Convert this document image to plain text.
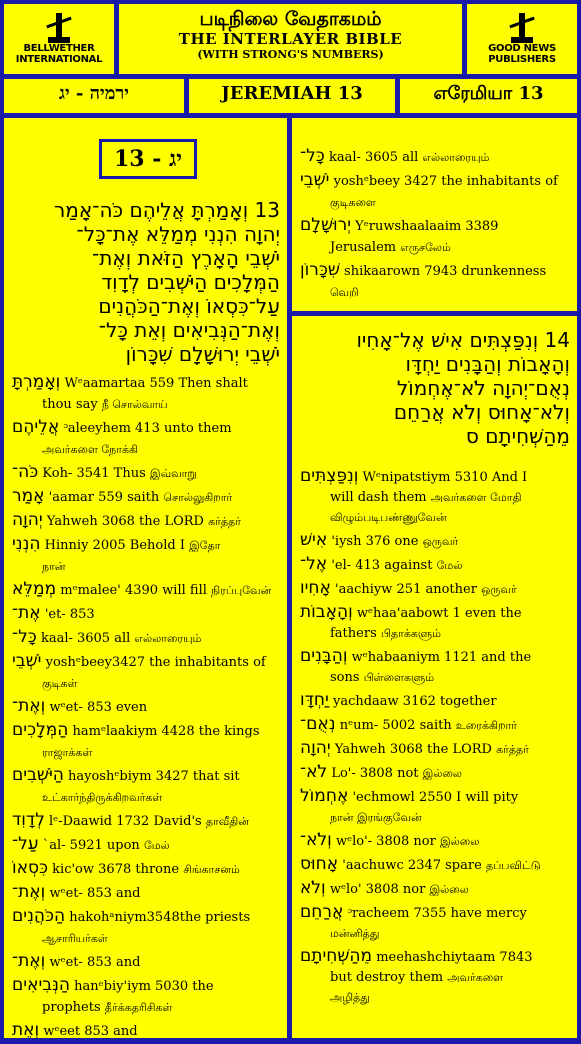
BELLWETHER INTERNATIONAL
படிநிலை வேதாகமம்
THE INTERLAYER BIBLE
(WITH STRONG'S NUMBERS)	GOOD NEWS PUBLISHERS
ירמיה - יג	JEREMIAH 13	எரேமியா 13
יג - 13
13 וְאָמַרְתָּ אֲלֵיהֶם כֹּה־אָמַר
יְהוָה הִנְנִי מְמַלֵּא אֶת־כָּל־
יֹשְׁבֵי הָאָרֶץ הַזֹּאת וְאֶת־
הַמְּלָכִים הַיֹּשְׁבִים לְדָוִד
עַל־כִּסְאוֹ וְאֶת־הַכֹּהֲנִים
וְאֶת־הַנְּבִיאִים וְאֵת כָּל־
יֹשְׁבֵי יְרוּשָׁלִָם שִׁכָּרוֹן
וְאָמַרְתָּ Wᵉaamartaa 559 Then shalt
thou say நீ சொல்வாய்
אֲלֵיהֶם ᵓaleeyhem 413 unto them
அவர்களை நோக்கி
כֹּה־ Koh- 3541 Thus இவ்வாறு
אָמַר 'aamar 559 saith சொல்லுகிறார்
יְהוָה Yahweh 3068 the LORD கர்த்தர்
הִנְנִי Hinniy 2005 Behold I இதோ
நான்
מְמַלֵּא mᵉmalee' 4390 will fill நிரப்புவேன்
אֶת־ 'et- 853
כָּל־ kaal- 3605 all எல்லாரையும்
יֹשְׁבֵי yoshᵉbeey3427 the inhabitants of
குடிகள்
וְאֶת־ wᵉet- 853 even
הַמְּלָכִים hamᵉlaakiym 4428 the kings
ராஜாக்கள்
הַיֹּשְׁבִים hayoshᵉbiym 3427 that sit
உட்கார்ந்திருக்கிறவர்கள்
לְדָוִד lᵉ-Daawid 1732 David's தாவீதின்
עַל־ `al- 5921 upon மேல்
כִּסְאוֹ kic'ow 3678 throne சிங்காசனம்
וְאֶת־ wᵉet- 853 and
הַכֹּהֲנִים hakohᵃniym3548the priests
ஆசாரியர்கள்
וְאֶת־ wᵉet- 853 and
הַנְּבִיאִים hanᵉbiy'iym 5030 the
prophets தீர்க்கதரிசிகள்
וְאֵת wᵉeet 853 and
כָּל־ kaal- 3605 all எல்லாரையும்
יֹשְׁבֵי yoshᵉbeey 3427 the inhabitants of
குடிகளை
יְרוּשָׁלִָם Yᵉruwshaalaaim 3389
Jerusalem எருசலேம்
שִׁכָּרוֹן shikaarown 7943 drunkenness
வெறி
14 וְנִפַּצְתִּים אִישׁ אֶל־אָחִיו
וְהָאָבוֹת וְהַבָּנִים יַחְדָּו
נְאֻם־יְהוָה לֹא־אֶחְמוֹל
וְלֹא־אָחוּס וְלֹא אֲרַחֵם
מֵהַשְׁחִיתָם ס
וְנִפַּצְתִּים Wᵉnipatstiym 5310 And I
will dash them அவர்களை மோதி
விழும்படிபண்ணுவேன்
אִישׁ 'iysh 376 one ஒருவர்
אֶל־ 'el- 413 against மேல்
אָחִיו 'aachiyw 251 another ஒருவர்
וְהָאָבוֹת wᵉhaa'aabowt 1 even the
fathers பிதாக்களும்
וְהַבָּנִים wᵉhabaaniym 1121 and the
sons பிள்ளைகளும்
יַחְדָּו yachdaaw 3162 together
נְאֻם־ nᵉum- 5002 saith உரைக்கிறார்
יְהוָה Yahweh 3068 the LORD கர்த்தர்
לֹא־ Lo'- 3808 not இல்லை
אֶחְמוֹל 'echmowl 2550 I will pity
நான் இரங்குவேன்
וְלֹא־ wᵉlo'- 3808 nor இல்லை
אָחוּס 'aachuwc 2347 spare தப்பவிட்டு
וְלֹא wᵉlo' 3808 nor இல்லை
אֲרַחֵם ᵓracheem 7355 have mercy
மன்னித்து
מֵהַשְׁחִיתָם meehashchiytaam 7843
but destroy them அவர்களை
அழித்து
